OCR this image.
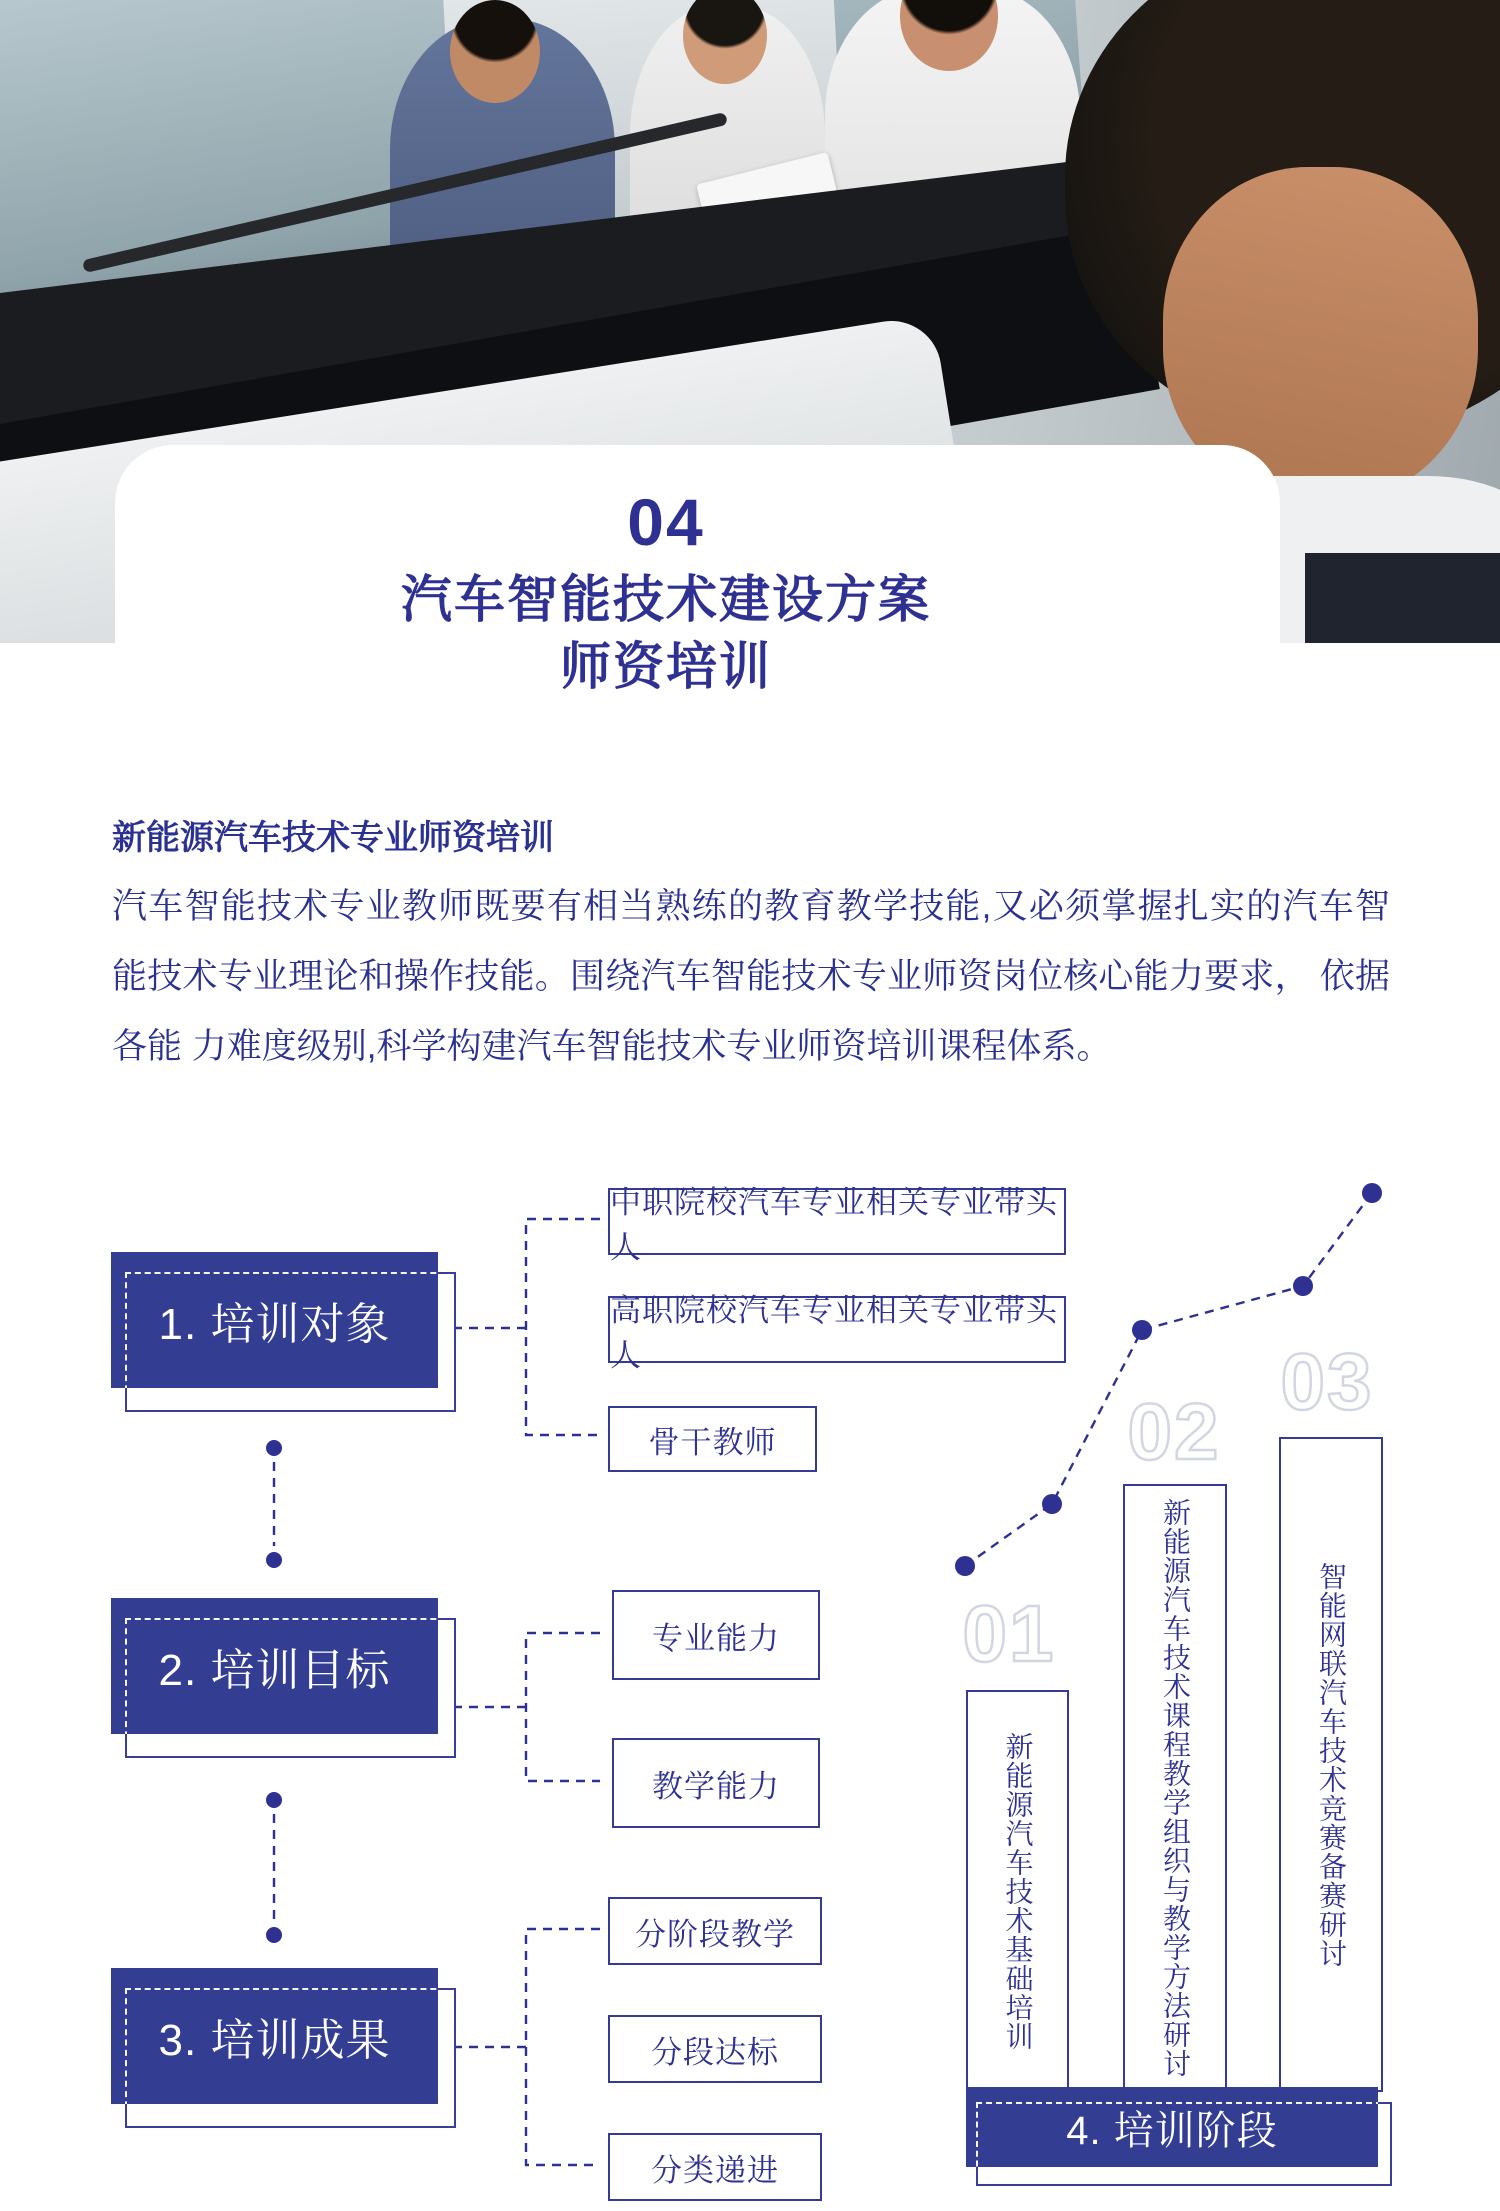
04
汽车智能技术建设方案
师资培训
新能源汽车技术专业师资培训
汽车智能技术专业教师既要有相当熟练的教育教学技能,又必须掌握扎实的汽车智
能技术专业理论和操作技能。围绕汽车智能技术专业师资岗位核心能力要求， 依据
各能 力难度级别,科学构建汽车智能技术专业师资培训课程体系。
1. 培训对象
中职院校汽车专业相关专业带头人
高职院校汽车专业相关专业带头人
骨干教师
2. 培训目标
专业能力
教学能力
3. 培训成果
分阶段教学
分段达标
分类递进
01
02
03
新能源汽车技术基础培训	新能源汽车技术课程教学组织与教学方法研讨	智能网联汽车技术竞赛备赛研讨
4. 培训阶段
